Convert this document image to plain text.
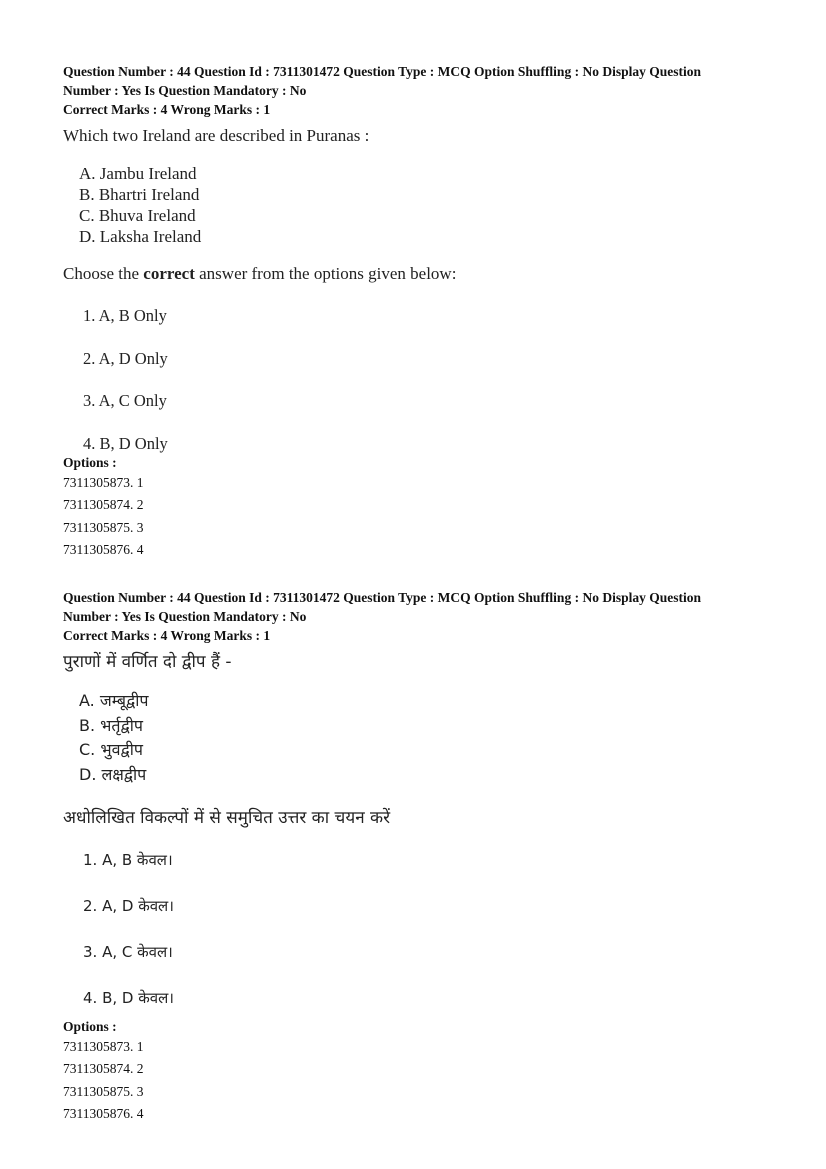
Question Number : 44 Question Id : 7311301472 Question Type : MCQ Option Shuffling : No Display Question
Number : Yes Is Question Mandatory : No
Correct Marks : 4 Wrong Marks : 1
Which two Ireland are described in Puranas :
A. Jambu Ireland
B. Bhartri Ireland
C. Bhuva Ireland
D. Laksha Ireland
Choose the correct answer from the options given below:
1. A, B Only
2. A, D Only
3. A, C Only
4. B, D Only
Options :
7311305873. 1
7311305874. 2
7311305875. 3
7311305876. 4
Question Number : 44 Question Id : 7311301472 Question Type : MCQ Option Shuffling : No Display Question
Number : Yes Is Question Mandatory : No
Correct Marks : 4 Wrong Marks : 1
पुराणों में वर्णित दो द्वीप हैं -
A. जम्बूद्वीप
B. भर्तृद्वीप
C. भुवद्वीप
D. लक्षद्वीप
अधोलिखित विकल्पों में से समुचित उत्तर का चयन करें
1. A, B केवल।
2. A, D केवल।
3. A, C केवल।
4. B, D केवल।
Options :
7311305873. 1
7311305874. 2
7311305875. 3
7311305876. 4
